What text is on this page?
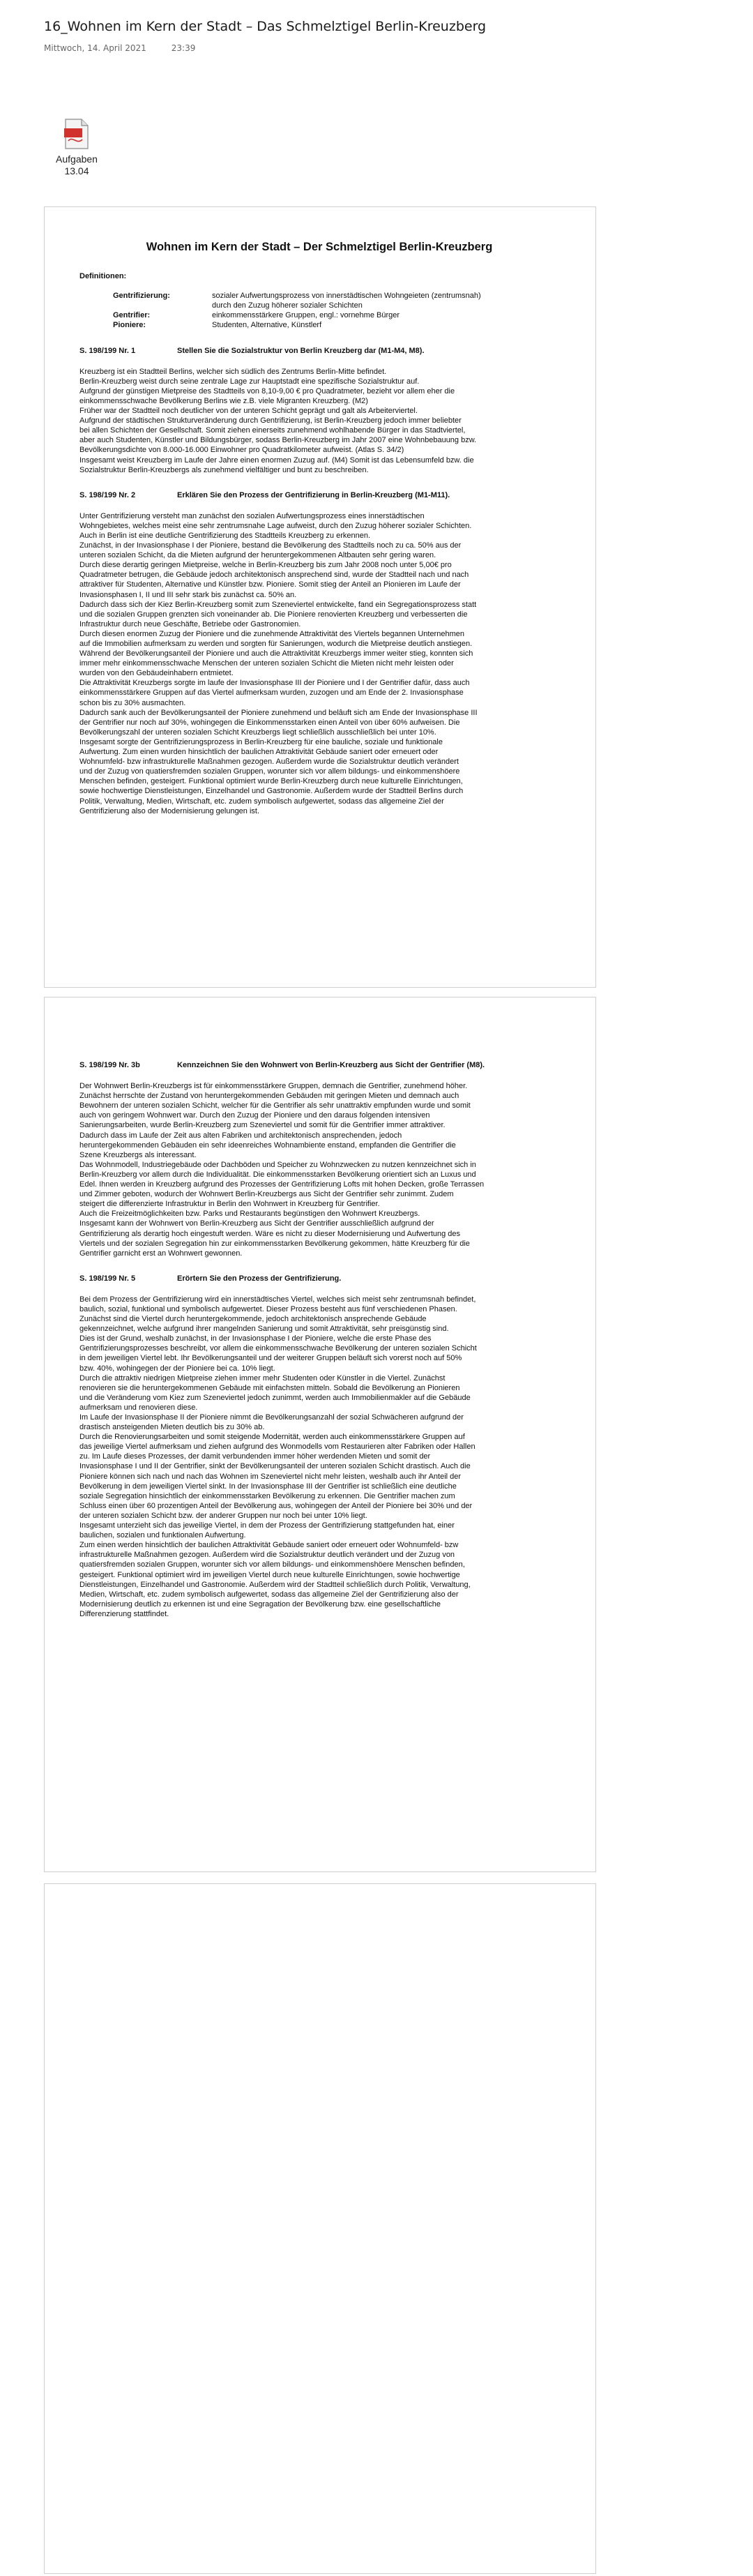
16_Wohnen im Kern der Stadt – Das Schmelztigel Berlin-Kreuzberg
Mittwoch, 14. April 2021	23:39
Aufgaben
13.04
Wohnen im Kern der Stadt – Der Schmelztigel Berlin-Kreuzberg
Definitionen:
Gentrifizierung:	sozialer Aufwertungsprozess von innerstädtischen Wohngeieten (zentrumsnah)
durch den Zuzug höherer sozialer Schichten
Gentrifier:	einkommensstärkere Gruppen, engl.: vornehme Bürger
Pioniere:	Studenten, Alternative, Künstlerf
S. 198/199 Nr. 1	Stellen Sie die Sozialstruktur von Berlin Kreuzberg dar (M1-M4, M8).
Kreuzberg ist ein Stadtteil Berlins, welcher sich südlich des Zentrums Berlin-Mitte befindet.
Berlin-Kreuzberg weist durch seine zentrale Lage zur Hauptstadt eine spezifische Sozialstruktur auf.
Aufgrund der günstigen Mietpreise des Stadtteils von 8,10-9,00 € pro Quadratmeter, bezieht vor allem eher die
einkommensschwache Bevölkerung Berlins wie z.B. viele Migranten Kreuzberg. (M2)
Früher war der Stadtteil noch deutlicher von der unteren Schicht geprägt und galt als Arbeiterviertel.
Aufgrund der städtischen Strukturveränderung durch Gentrifizierung, ist Berlin-Kreuzberg jedoch immer beliebter
bei allen Schichten der Gesellschaft. Somit ziehen einerseits zunehmend wohlhabende Bürger in das Stadtviertel,
aber auch Studenten, Künstler und Bildungsbürger, sodass Berlin-Kreuzberg im Jahr 2007 eine Wohnbebauung bzw.
Bevölkerungsdichte von 8.000-16.000 Einwohner pro Quadratkilometer aufweist. (Atlas S. 34/2)
Insgesamt weist Kreuzberg im Laufe der Jahre einen enormen Zuzug auf. (M4) Somit ist das Lebensumfeld bzw. die
Sozialstruktur Berlin-Kreuzbergs als zunehmend vielfältiger und bunt zu beschreiben.
S. 198/199 Nr. 2	Erklären Sie den Prozess der Gentrifizierung in Berlin-Kreuzberg (M1-M11).
Unter Gentrifizierung versteht man zunächst den sozialen Aufwertungsprozess eines innerstädtischen
Wohngebietes, welches meist eine sehr zentrumsnahe Lage aufweist, durch den Zuzug höherer sozialer Schichten.
Auch in Berlin ist eine deutliche Gentrifizierung des Stadtteils Kreuzberg zu erkennen.
Zunächst, in der Invasionsphase I der Pioniere, bestand die Bevölkerung des Stadtteils noch zu ca. 50% aus der
unteren sozialen Schicht, da die Mieten aufgrund der heruntergekommenen Altbauten sehr gering waren.
Durch diese derartig geringen Mietpreise, welche in Berlin-Kreuzberg bis zum Jahr 2008 noch unter 5,00€ pro
Quadratmeter betrugen, die Gebäude jedoch architektonisch ansprechend sind, wurde der Stadtteil nach und nach
attraktiver für Studenten, Alternative und Künstler bzw. Pioniere. Somit stieg der Anteil an Pionieren im Laufe der
Invasionsphasen I, II und III sehr stark bis zunächst ca. 50% an.
Dadurch dass sich der Kiez Berlin-Kreuzberg somit zum Szeneviertel entwickelte, fand ein Segregationsprozess statt
und die sozialen Gruppen grenzten sich voneinander ab. Die Pioniere renovierten Kreuzberg und verbesserten die
Infrastruktur durch neue Geschäfte, Betriebe oder Gastronomien.
Durch diesen enormen Zuzug der Pioniere und die zunehmende Attraktivität des Viertels begannen Unternehmen
auf die Immobilien aufmerksam zu werden und sorgten für Sanierungen, wodurch die Mietpreise deutlich anstiegen.
Während der Bevölkerungsanteil der Pioniere und auch die Attraktivität Kreuzbergs immer weiter stieg, konnten sich
immer mehr einkommensschwache Menschen der unteren sozialen Schicht die Mieten nicht mehr leisten oder
wurden von den Gebäudeinhabern entmietet.
Die Attraktivität Kreuzbergs sorgte im laufe der Invasionsphase III der Pioniere und I der Gentrifier dafür, dass auch
einkommensstärkere Gruppen auf das Viertel aufmerksam wurden, zuzogen und am Ende der 2. Invasionsphase
schon bis zu 30% ausmachten.
Dadurch sank auch der Bevölkerungsanteil der Pioniere zunehmend und belâuft sich am Ende der Invasionsphase III
der Gentrifier nur noch auf 30%, wohingegen die Einkommensstarken einen Anteil von über 60% aufweisen. Die
Bevölkerungszahl der unteren sozialen Schicht Kreuzbergs liegt schließlich ausschließlich bei unter 10%.
Insgesamt sorgte der Gentrifizierungsprozess in Berlin-Kreuzberg für eine bauliche, soziale und funktionale
Aufwertung. Zum einen wurden hinsichtlich der baulichen Attraktivität Gebäude saniert oder erneuert oder
Wohnumfeld- bzw infrastrukturelle Maßnahmen gezogen. Außerdem wurde die Sozialstruktur deutlich verändert
und der Zuzug von quatiersfremden sozialen Gruppen, worunter sich vor allem bildungs- und einkommenshöere
Menschen befinden, gesteigert. Funktional optimiert wurde Berlin-Kreuzberg durch neue kulturelle Einrichtungen,
sowie hochwertige Dienstleistungen, Einzelhandel und Gastronomie. Außerdem wurde der Stadtteil Berlins durch
Politik, Verwaltung, Medien, Wirtschaft, etc. zudem symbolisch aufgewertet, sodass das allgemeine Ziel der
Gentrifizierung also der Modernisierung gelungen ist.
S. 198/199 Nr. 3b	Kennzeichnen Sie den Wohnwert von Berlin-Kreuzberg aus Sicht der Gentrifier (M8).
Der Wohnwert Berlin-Kreuzbergs ist für einkommensstärkere Gruppen, demnach die Gentrifier, zunehmend höher.
Zunächst herrschte der Zustand von heruntergekommenden Gebäuden mit geringen Mieten und demnach auch
Bewohnern der unteren sozialen Schicht, welcher für die Gentrifier als sehr unattraktiv empfunden wurde und somit
auch von geringem Wohnwert war. Durch den Zuzug der Pioniere und den daraus folgenden intensiven
Sanierungsarbeiten, wurde Berlin-Kreuzberg zum Szeneviertel und somit für die Gentrifier immer attraktiver.
Dadurch dass im Laufe der Zeit aus alten Fabriken und architektonisch ansprechenden, jedoch
heruntergekommenden Gebäuden ein sehr ideenreiches Wohnambiente enstand, empfanden die Gentrifier die
Szene Kreuzbergs als interessant.
Das Wohnmodell, Industriegebäude oder Dachböden und Speicher zu Wohnzwecken zu nutzen kennzeichnet sich in
Berlin-Kreuzberg vor allem durch die Individualität. Die einkommensstarken Bevölkerung orientiert sich an Luxus und
Edel. Ihnen werden in Kreuzberg aufgrund des Prozesses der Gentrifizierung Lofts mit hohen Decken, große Terrassen
und Zimmer geboten, wodurch der Wohnwert Berlin-Kreuzbergs aus Sicht der Gentrifier sehr zunimmt. Zudem
steigert die differenzierte Infrastruktur in Berlin den Wohnwert in Kreuzberg für Gentrifier.
Auch die Freizeitmöglichkeiten bzw. Parks und Restaurants begünstigen den Wohnwert Kreuzbergs.
Insgesamt kann der Wohnwert von Berlin-Kreuzberg aus Sicht der Gentrifier ausschließlich aufgrund der
Gentrifizierung als derartig hoch eingestuft werden. Wäre es nicht zu dieser Modernisierung und Aufwertung des
Viertels und der sozialen Segregation hin zur einkommensstarken Bevölkerung gekommen, hätte Kreuzberg für die
Gentrifier garnicht erst an Wohnwert gewonnen.
S. 198/199 Nr. 5	Erörtern Sie den Prozess der Gentrifizierung.
Bei dem Prozess der Gentrifizierung wird ein innerstädtisches Viertel, welches sich meist sehr zentrumsnah befindet,
baulich, sozial, funktional und symbolisch aufgewertet. Dieser Prozess besteht aus fünf verschiedenen Phasen.
Zunächst sind die Viertel durch heruntergekommende, jedoch architektonisch ansprechende Gebäude
gekennzeichnet, welche aufgrund ihrer mangelnden Sanierung und somit Attraktivität, sehr preisgünstig sind.
Dies ist der Grund, weshalb zunächst, in der Invasionsphase I der Pioniere, welche die erste Phase des
Gentrifizierungsprozesses beschreibt, vor allem die einkommensschwache Bevölkerung der unteren sozialen Schicht
in dem jeweiligen Viertel lebt. Ihr Bevölkerungsanteil und der weiterer Gruppen beläuft sich vorerst noch auf 50%
bzw. 40%, wohingegen der der Pioniere bei ca. 10% liegt.
Durch die attraktiv niedrigen Mietpreise ziehen immer mehr Studenten oder Künstler in die Viertel. Zunächst
renovieren sie die heruntergekommenen Gebäude mit einfachsten mitteln. Sobald die Bevölkerung an Pionieren
und die Veränderung vom Kiez zum Szeneviertel jedoch zunimmt, werden auch Immobilienmakler auf die Gebäude
aufmerksam und renovieren diese.
Im Laufe der Invasionsphase II der Pioniere nimmt die Bevölkerungsanzahl der sozial Schwächeren aufgrund der
drastisch ansteigenden Mieten deutlich bis zu 30% ab.
Durch die Renovierungsarbeiten und somit steigende Modernität, werden auch einkommensstärkere Gruppen auf
das jeweilige Viertel aufmerksam und ziehen aufgrund des Wonmodells vom Restaurieren alter Fabriken oder Hallen
zu. Im Laufe dieses Prozesses, der damit verbundenden immer höher werdenden Mieten und somit der
Invasionsphase I und II der Gentrifier, sinkt der Bevölkerungsanteil der unteren sozialen Schicht drastisch. Auch die
Pioniere können sich nach und nach das Wohnen im Szeneviertel nicht mehr leisten, weshalb auch ihr Anteil der
Bevölkerung in dem jeweiligen Viertel sinkt. In der Invasionsphase III der Gentrifier ist schließlich eine deutliche
soziale Segregation hinsichtlich der einkommensstarken Bevölkerung zu erkennen. Die Gentrifier machen zum
Schluss einen über 60 prozentigen Anteil der Bevölkerung aus, wohingegen der Anteil der Pioniere bei 30% und der
der unteren sozialen Schicht bzw. der anderer Gruppen nur noch bei unter 10% liegt.
Insgesamt unterzieht sich das jeweilige Viertel, in dem der Prozess der Gentrifizierung stattgefunden hat, einer
baulichen, sozialen und funktionalen Aufwertung.
Zum einen werden hinsichtlich der baulichen Attraktivität Gebäude saniert oder erneuert oder Wohnumfeld- bzw
infrastrukturelle Maßnahmen gezogen. Außerdem wird die Sozialstruktur deutlich verändert und der Zuzug von
quatiersfremden sozialen Gruppen, worunter sich vor allem bildungs- und einkommenshöere Menschen befinden,
gesteigert. Funktional optimiert wird im jeweiligen Viertel durch neue kulturelle Einrichtungen, sowie hochwertige
Dienstleistungen, Einzelhandel und Gastronomie. Außerdem wird der Stadtteil schließlich durch Politik, Verwaltung,
Medien, Wirtschaft, etc. zudem symbolisch aufgewertet, sodass das allgemeine Ziel der Gentrifizierung also der
Modernisierung deutlich zu erkennen ist und eine Segragation der Bevölkerung bzw. eine gesellschaftliche
Differenzierung stattfindet.
